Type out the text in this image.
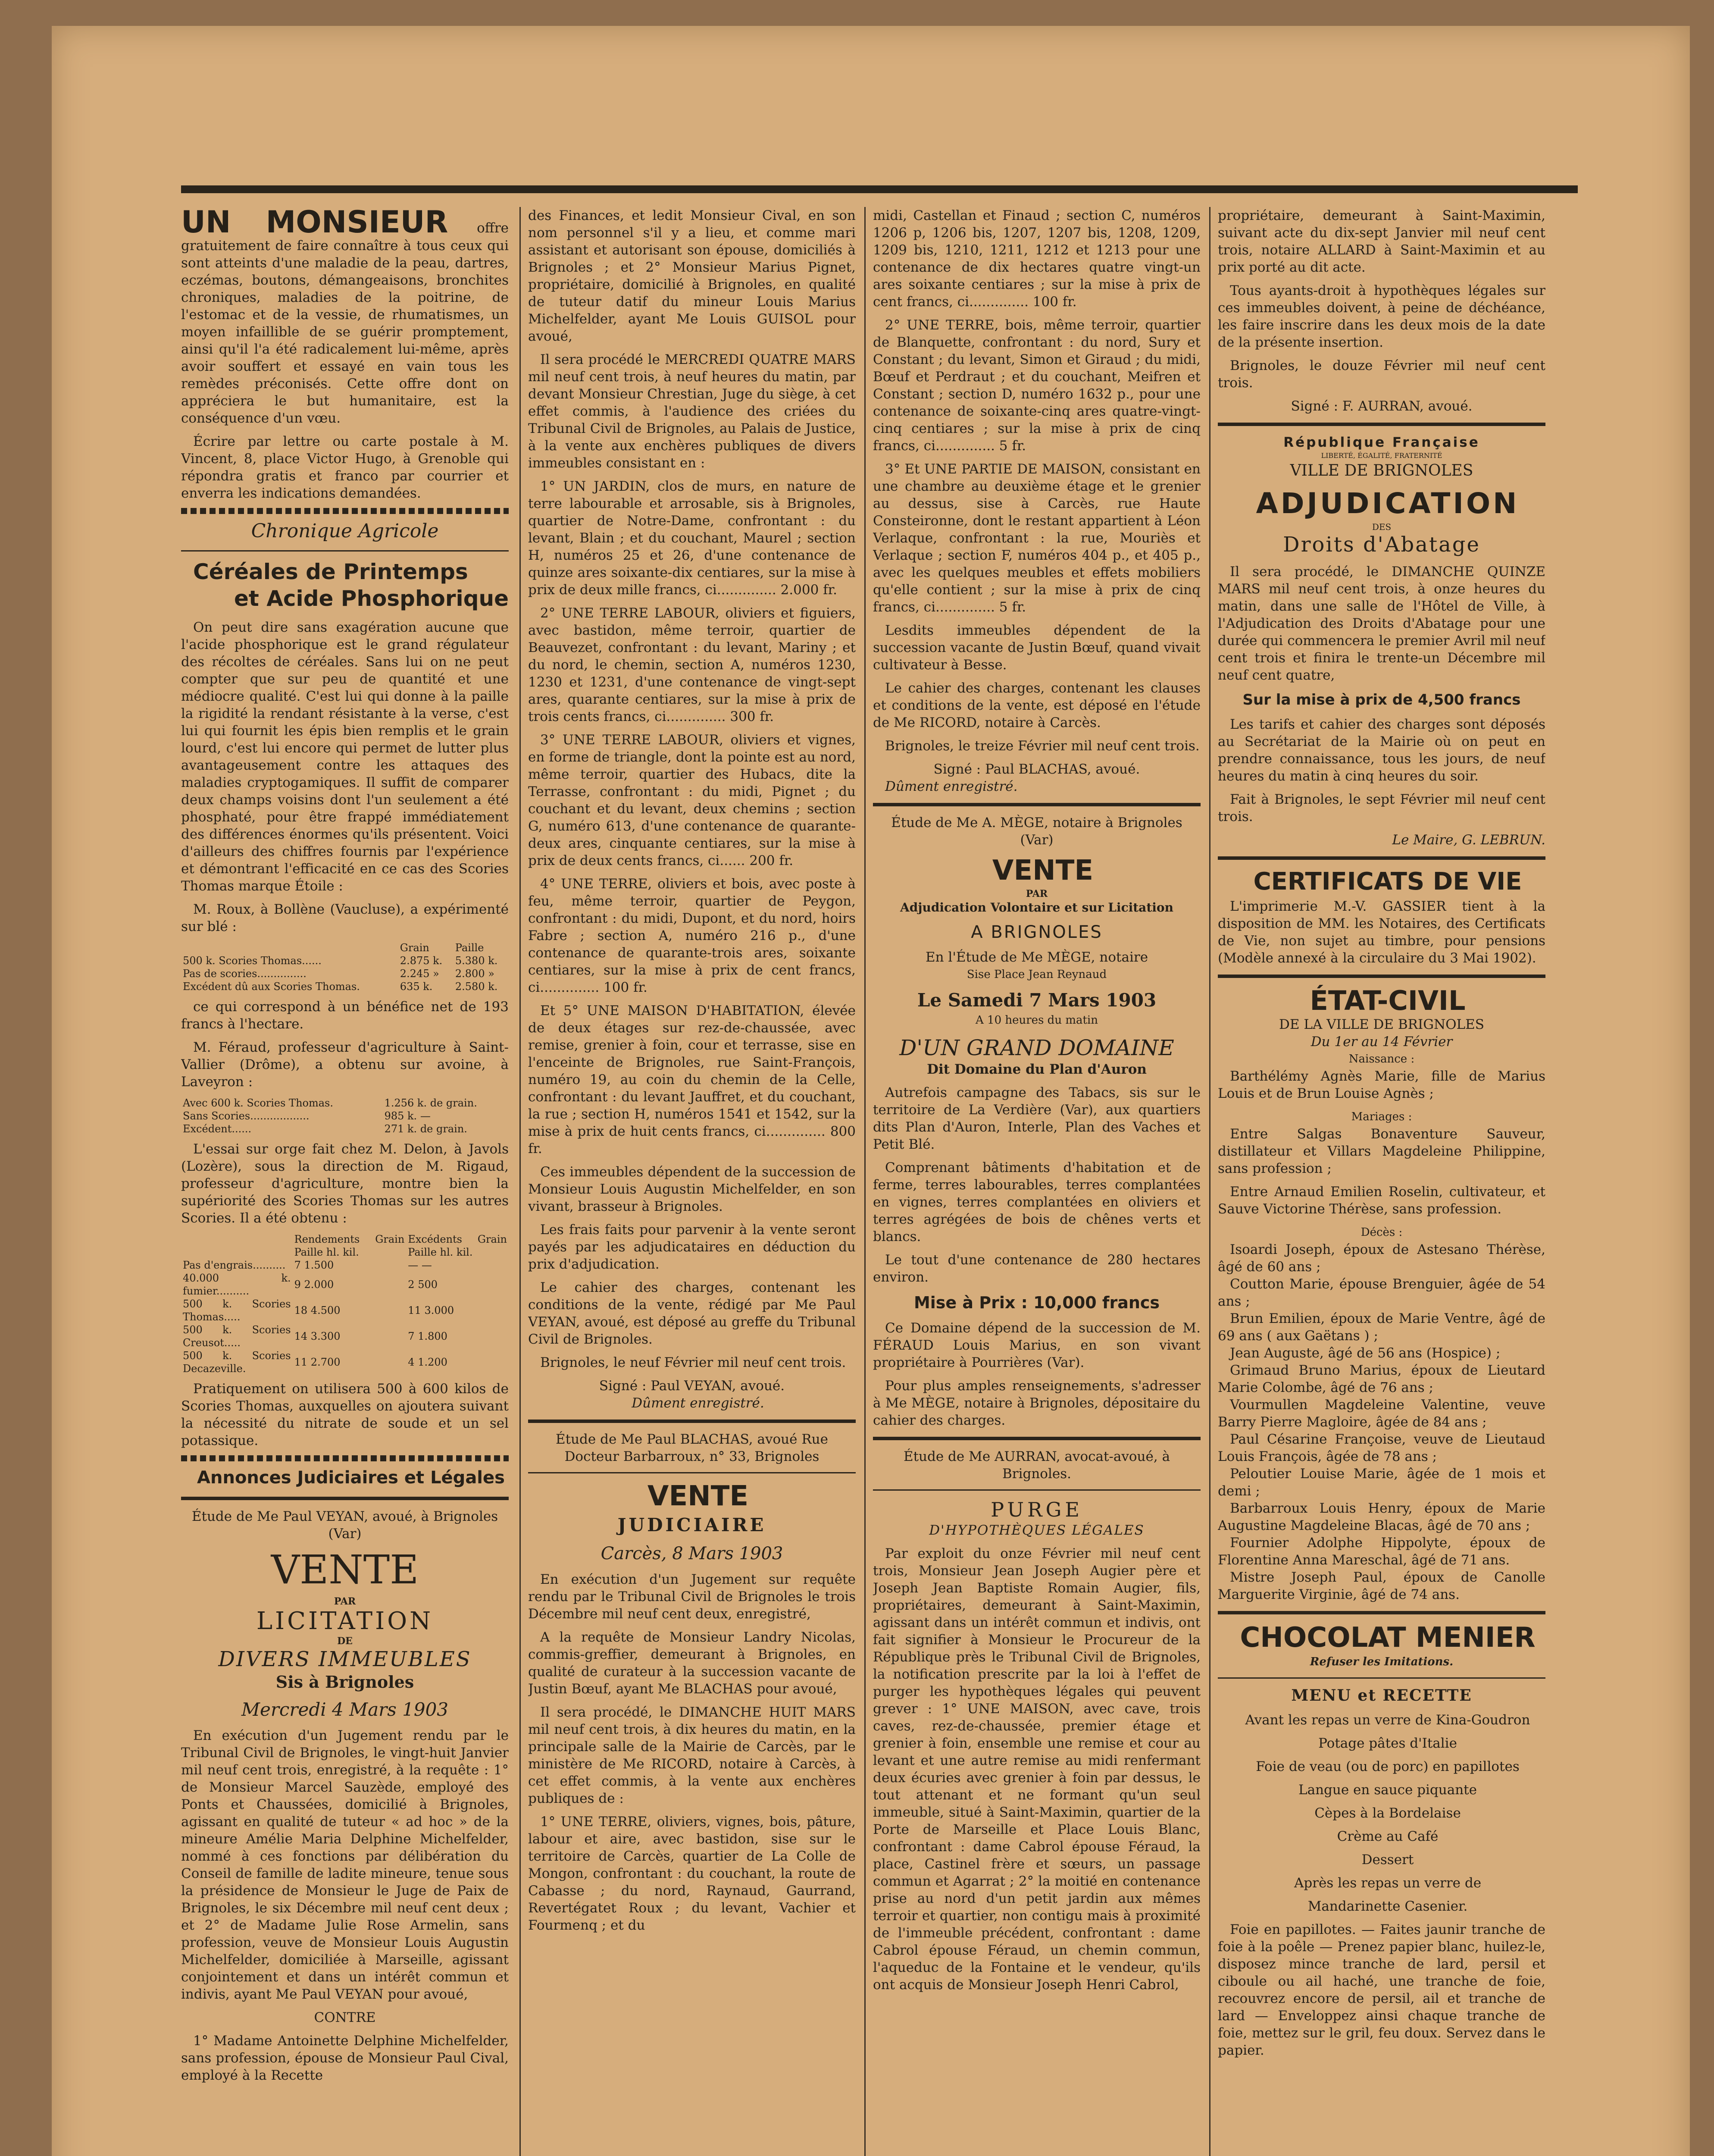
UN MONSIEUR offre gratuitement de faire connaître à tous ceux qui sont atteints d'une maladie de la peau, dartres, eczémas, boutons, démangeaisons, bronchites chroniques, maladies de la poitrine, de l'estomac et de la vessie, de rhumatismes, un moyen infaillible de se guérir promptement, ainsi qu'il l'a été radicalement lui-même, après avoir souffert et essayé en vain tous les remèdes préconisés. Cette offre dont on appréciera le but humanitaire, est la conséquence d'un vœu.

Écrire par lettre ou carte postale à M. Vincent, 8, place Victor Hugo, à Grenoble qui répondra gratis et franco par courrier et enverra les indications demandées.

Chronique Agricole

Céréales de Printemps

et Acide Phosphorique

On peut dire sans exagération aucune que l'acide phosphorique est le grand régulateur des récoltes de céréales. Sans lui on ne peut compter que sur peu de quantité et une médiocre qualité. C'est lui qui donne à la paille la rigidité la rendant résistante à la verse, c'est lui qui fournit les épis bien remplis et le grain lourd, c'est lui encore qui permet de lutter plus avantageusement contre les attaques des maladies cryptogamiques. Il suffit de comparer deux champs voisins dont l'un seulement a été phosphaté, pour être frappé immédiatement des différences énormes qu'ils présentent. Voici d'ailleurs des chiffres fournis par l'expérience et démontrant l'efficacité en ce cas des Scories Thomas marque Étoile :

M. Roux, à Bollène (Vaucluse), a expérimenté sur blé :

	Grain	Paille
500 k. Scories Thomas......	2.875 k.	5.380 k.
Pas de scories...............	2.245 »	2.800 »
Excédent dû aux Scories Thomas.	635 k.	2.580 k.

ce qui correspond à un bénéfice net de 193 francs à l'hectare.

M. Féraud, professeur d'agriculture à Saint-Vallier (Drôme), a obtenu sur avoine, à Laveyron :

Avec 600 k. Scories Thomas.	1.256 k. de grain.
Sans Scories..................	985 k. —
Excédent......	271 k. de grain.

L'essai sur orge fait chez M. Delon, à Javols (Lozère), sous la direction de M. Rigaud, professeur d'agriculture, montre bien la supériorité des Scories Thomas sur les autres Scories. Il a été obtenu :

	Rendements Grain Paille hl. kil.	Excédents Grain Paille hl. kil.
Pas d'engrais..........	7 1.500	— —
40.000 k. fumier..........	9 2.000	2 500
500 k. Scories Thomas.....	18 4.500	11 3.000
500 k. Scories Creusot.....	14 3.300	7 1.800
500 k. Scories Decazeville.	11 2.700	4 1.200

Pratiquement on utilisera 500 à 600 kilos de Scories Thomas, auxquelles on ajoutera suivant la nécessité du nitrate de soude et un sel potassique.

Annonces Judiciaires et Légales

Étude de Me Paul VEYAN, avoué, à Brignoles (Var)

VENTE

PAR

LICITATION

DE

DIVERS IMMEUBLES

Sis à Brignoles

Mercredi 4 Mars 1903

En exécution d'un Jugement rendu par le Tribunal Civil de Brignoles, le vingt-huit Janvier mil neuf cent trois, enregistré, à la requête : 1° de Monsieur Marcel Sauzède, employé des Ponts et Chaussées, domicilié à Brignoles, agissant en qualité de tuteur « ad hoc » de la mineure Amélie Maria Delphine Michelfelder, nommé à ces fonctions par délibération du Conseil de famille de ladite mineure, tenue sous la présidence de Monsieur le Juge de Paix de Brignoles, le six Décembre mil neuf cent deux ; et 2° de Madame Julie Rose Armelin, sans profession, veuve de Monsieur Louis Augustin Michelfelder, domiciliée à Marseille, agissant conjointement et dans un intérêt commun et indivis, ayant Me Paul VEYAN pour avoué,

CONTRE

1° Madame Antoinette Delphine Michelfelder, sans profession, épouse de Monsieur Paul Cival, employé à la Recette

des Finances, et ledit Monsieur Cival, en son nom personnel s'il y a lieu, et comme mari assistant et autorisant son épouse, domiciliés à Brignoles ; et 2° Monsieur Marius Pignet, propriétaire, domicilié à Brignoles, en qualité de tuteur datif du mineur Louis Marius Michelfelder, ayant Me Louis GUISOL pour avoué,

Il sera procédé le MERCREDI QUATRE MARS mil neuf cent trois, à neuf heures du matin, par devant Monsieur Chrestian, Juge du siège, à cet effet commis, à l'audience des criées du Tribunal Civil de Brignoles, au Palais de Justice, à la vente aux enchères publiques de divers immeubles consistant en :

1° UN JARDIN, clos de murs, en nature de terre labourable et arrosable, sis à Brignoles, quartier de Notre-Dame, confrontant : du levant, Blain ; et du couchant, Maurel ; section H, numéros 25 et 26, d'une contenance de quinze ares soixante-dix centiares, sur la mise à prix de deux mille francs, ci.............. 2.000 fr.

2° UNE TERRE LABOUR, oliviers et figuiers, avec bastidon, même terroir, quartier de Beauvezet, confrontant : du levant, Mariny ; et du nord, le chemin, section A, numéros 1230, 1230 et 1231, d'une contenance de vingt-sept ares, quarante centiares, sur la mise à prix de trois cents francs, ci.............. 300 fr.

3° UNE TERRE LABOUR, oliviers et vignes, en forme de triangle, dont la pointe est au nord, même terroir, quartier des Hubacs, dite la Terrasse, confrontant : du midi, Pignet ; du couchant et du levant, deux chemins ; section G, numéro 613, d'une contenance de quarante-deux ares, cinquante centiares, sur la mise à prix de deux cents francs, ci...... 200 fr.

4° UNE TERRE, oliviers et bois, avec poste à feu, même terroir, quartier de Peygon, confrontant : du midi, Dupont, et du nord, hoirs Fabre ; section A, numéro 216 p., d'une contenance de quarante-trois ares, soixante centiares, sur la mise à prix de cent francs, ci.............. 100 fr.

Et 5° UNE MAISON D'HABITATION, élevée de deux étages sur rez-de-chaussée, avec remise, grenier à foin, cour et terrasse, sise en l'enceinte de Brignoles, rue Saint-François, numéro 19, au coin du chemin de la Celle, confrontant : du levant Jauffret, et du couchant, la rue ; section H, numéros 1541 et 1542, sur la mise à prix de huit cents francs, ci.............. 800 fr.

Ces immeubles dépendent de la succession de Monsieur Louis Augustin Michelfelder, en son vivant, brasseur à Brignoles.

Les frais faits pour parvenir à la vente seront payés par les adjudicataires en déduction du prix d'adjudication.

Le cahier des charges, contenant les conditions de la vente, rédigé par Me Paul VEYAN, avoué, est déposé au greffe du Tribunal Civil de Brignoles.

Brignoles, le neuf Février mil neuf cent trois.

Signé : Paul VEYAN, avoué.

Dûment enregistré.

Étude de Me Paul BLACHAS, avoué Rue Docteur Barbarroux, n° 33, Brignoles

VENTE

JUDICIAIRE

Carcès, 8 Mars 1903

En exécution d'un Jugement sur requête rendu par le Tribunal Civil de Brignoles le trois Décembre mil neuf cent deux, enregistré,

A la requête de Monsieur Landry Nicolas, commis-greffier, demeurant à Brignoles, en qualité de curateur à la succession vacante de Justin Bœuf, ayant Me BLACHAS pour avoué,

Il sera procédé, le DIMANCHE HUIT MARS mil neuf cent trois, à dix heures du matin, en la principale salle de la Mairie de Carcès, par le ministère de Me RICORD, notaire à Carcès, à cet effet commis, à la vente aux enchères publiques de :

1° UNE TERRE, oliviers, vignes, bois, pâture, labour et aire, avec bastidon, sise sur le territoire de Carcès, quartier de La Colle de Mongon, confrontant : du couchant, la route de Cabasse ; du nord, Raynaud, Gaurrand, Revertégatet Roux ; du levant, Vachier et Fourmenq ; et du

midi, Castellan et Finaud ; section C, numéros 1206 p, 1206 bis, 1207, 1207 bis, 1208, 1209, 1209 bis, 1210, 1211, 1212 et 1213 pour une contenance de dix hectares quatre vingt-un ares soixante centiares ; sur la mise à prix de cent francs, ci.............. 100 fr.

2° UNE TERRE, bois, même terroir, quartier de Blanquette, confrontant : du nord, Sury et Constant ; du levant, Simon et Giraud ; du midi, Bœuf et Perdraut ; et du couchant, Meifren et Constant ; section D, numéro 1632 p., pour une contenance de soixante-cinq ares quatre-vingt-cinq centiares ; sur la mise à prix de cinq francs, ci.............. 5 fr.

3° Et UNE PARTIE DE MAISON, consistant en une chambre au deuxième étage et le grenier au dessus, sise à Carcès, rue Haute Consteironne, dont le restant appartient à Léon Verlaque, confrontant : la rue, Mouriès et Verlaque ; section F, numéros 404 p., et 405 p., avec les quelques meubles et effets mobiliers qu'elle contient ; sur la mise à prix de cinq francs, ci.............. 5 fr.

Lesdits immeubles dépendent de la succession vacante de Justin Bœuf, quand vivait cultivateur à Besse.

Le cahier des charges, contenant les clauses et conditions de la vente, est déposé en l'étude de Me RICORD, notaire à Carcès.

Brignoles, le treize Février mil neuf cent trois.

Signé : Paul BLACHAS, avoué.

Dûment enregistré.

Étude de Me A. MÈGE, notaire à Brignoles (Var)

VENTE

PAR

Adjudication Volontaire et sur Licitation

A BRIGNOLES

En l'Étude de Me MÈGE, notaire

Sise Place Jean Reynaud

Le Samedi 7 Mars 1903

A 10 heures du matin

D'UN GRAND DOMAINE

Dit Domaine du Plan d'Auron

Autrefois campagne des Tabacs, sis sur le territoire de La Verdière (Var), aux quartiers dits Plan d'Auron, Interle, Plan des Vaches et Petit Blé.

Comprenant bâtiments d'habitation et de ferme, terres labourables, terres complantées en vignes, terres complantées en oliviers et terres agrégées de bois de chênes verts et blancs.

Le tout d'une contenance de 280 hectares environ.

Mise à Prix : 10,000 francs

Ce Domaine dépend de la succession de M. FÉRAUD Louis Marius, en son vivant propriétaire à Pourrières (Var).

Pour plus amples renseignements, s'adresser à Me MÈGE, notaire à Brignoles, dépositaire du cahier des charges.

Étude de Me AURRAN, avocat-avoué, à Brignoles.

PURGE

D'HYPOTHÈQUES LÉGALES

Par exploit du onze Février mil neuf cent trois, Monsieur Jean Joseph Augier père et Joseph Jean Baptiste Romain Augier, fils, propriétaires, demeurant à Saint-Maximin, agissant dans un intérêt commun et indivis, ont fait signifier à Monsieur le Procureur de la République près le Tribunal Civil de Brignoles, la notification prescrite par la loi à l'effet de purger les hypothèques légales qui peuvent grever : 1° UNE MAISON, avec cave, trois caves, rez-de-chaussée, premier étage et grenier à foin, ensemble une remise et cour au levant et une autre remise au midi renfermant deux écuries avec grenier à foin par dessus, le tout attenant et ne formant qu'un seul immeuble, situé à Saint-Maximin, quartier de la Porte de Marseille et Place Louis Blanc, confrontant : dame Cabrol épouse Féraud, la place, Castinel frère et sœurs, un passage commun et Agarrat ; 2° la moitié en contenance prise au nord d'un petit jardin aux mêmes terroir et quartier, non contigu mais à proximité de l'immeuble précédent, confrontant : dame Cabrol épouse Féraud, un chemin commun, l'aqueduc de la Fontaine et le vendeur, qu'ils ont acquis de Monsieur Joseph Henri Cabrol,

propriétaire, demeurant à Saint-Maximin, suivant acte du dix-sept Janvier mil neuf cent trois, notaire ALLARD à Saint-Maximin et au prix porté au dit acte.

Tous ayants-droit à hypothèques légales sur ces immeubles doivent, à peine de déchéance, les faire inscrire dans les deux mois de la date de la présente insertion.

Brignoles, le douze Février mil neuf cent trois.

Signé : F. AURRAN, avoué.

République Française

LIBERTÉ, ÉGALITÉ, FRATERNITÉ

VILLE DE BRIGNOLES

ADJUDICATION

DES

Droits d'Abatage

Il sera procédé, le DIMANCHE QUINZE MARS mil neuf cent trois, à onze heures du matin, dans une salle de l'Hôtel de Ville, à l'Adjudication des Droits d'Abatage pour une durée qui commencera le premier Avril mil neuf cent trois et finira le trente-un Décembre mil neuf cent quatre,

Sur la mise à prix de 4,500 francs

Les tarifs et cahier des charges sont déposés au Secrétariat de la Mairie où on peut en prendre connaissance, tous les jours, de neuf heures du matin à cinq heures du soir.

Fait à Brignoles, le sept Février mil neuf cent trois.

Le Maire, G. LEBRUN.

CERTIFICATS DE VIE

L'imprimerie M.-V. GASSIER tient à la disposition de MM. les Notaires, des Certificats de Vie, non sujet au timbre, pour pensions (Modèle annexé à la circulaire du 3 Mai 1902).

ÉTAT-CIVIL

DE LA VILLE DE BRIGNOLES

Du 1er au 14 Février

Naissance :

Barthélémy Agnès Marie, fille de Marius Louis et de Brun Louise Agnès ;

Mariages :

Entre Salgas Bonaventure Sauveur, distillateur et Villars Magdeleine Philippine, sans profession ;

Entre Arnaud Emilien Roselin, cultivateur, et Sauve Victorine Thérèse, sans profession.

Décès :

Isoardi Joseph, époux de Astesano Thérèse, âgé de 60 ans ;

Coutton Marie, épouse Brenguier, âgée de 54 ans ;

Brun Emilien, époux de Marie Ventre, âgé de 69 ans ( aux Gaëtans ) ;

Jean Auguste, âgé de 56 ans (Hospice) ;

Grimaud Bruno Marius, époux de Lieutard Marie Colombe, âgé de 76 ans ;

Vourmullen Magdeleine Valentine, veuve Barry Pierre Magloire, âgée de 84 ans ;

Paul Césarine Françoise, veuve de Lieutaud Louis François, âgée de 78 ans ;

Peloutier Louise Marie, âgée de 1 mois et demi ;

Barbarroux Louis Henry, époux de Marie Augustine Magdeleine Blacas, âgé de 70 ans ;

Fournier Adolphe Hippolyte, époux de Florentine Anna Mareschal, âgé de 71 ans.

Mistre Joseph Paul, époux de Canolle Marguerite Virginie, âgé de 74 ans.

CHOCOLAT MENIER

Refuser les Imitations.

MENU et RECETTE

Avant les repas un verre de Kina-Goudron

Potage pâtes d'Italie

Foie de veau (ou de porc) en papillotes

Langue en sauce piquante

Cèpes à la Bordelaise

Crème au Café

Dessert

Après les repas un verre de

Mandarinette Casenier.

Foie en papillotes. — Faites jaunir tranche de foie à la poêle — Prenez papier blanc, huilez-le, disposez mince tranche de lard, persil et ciboule ou ail haché, une tranche de foie, recouvrez encore de persil, ail et tranche de lard — Enveloppez ainsi chaque tranche de foie, mettez sur le gril, feu doux. Servez dans le papier.
